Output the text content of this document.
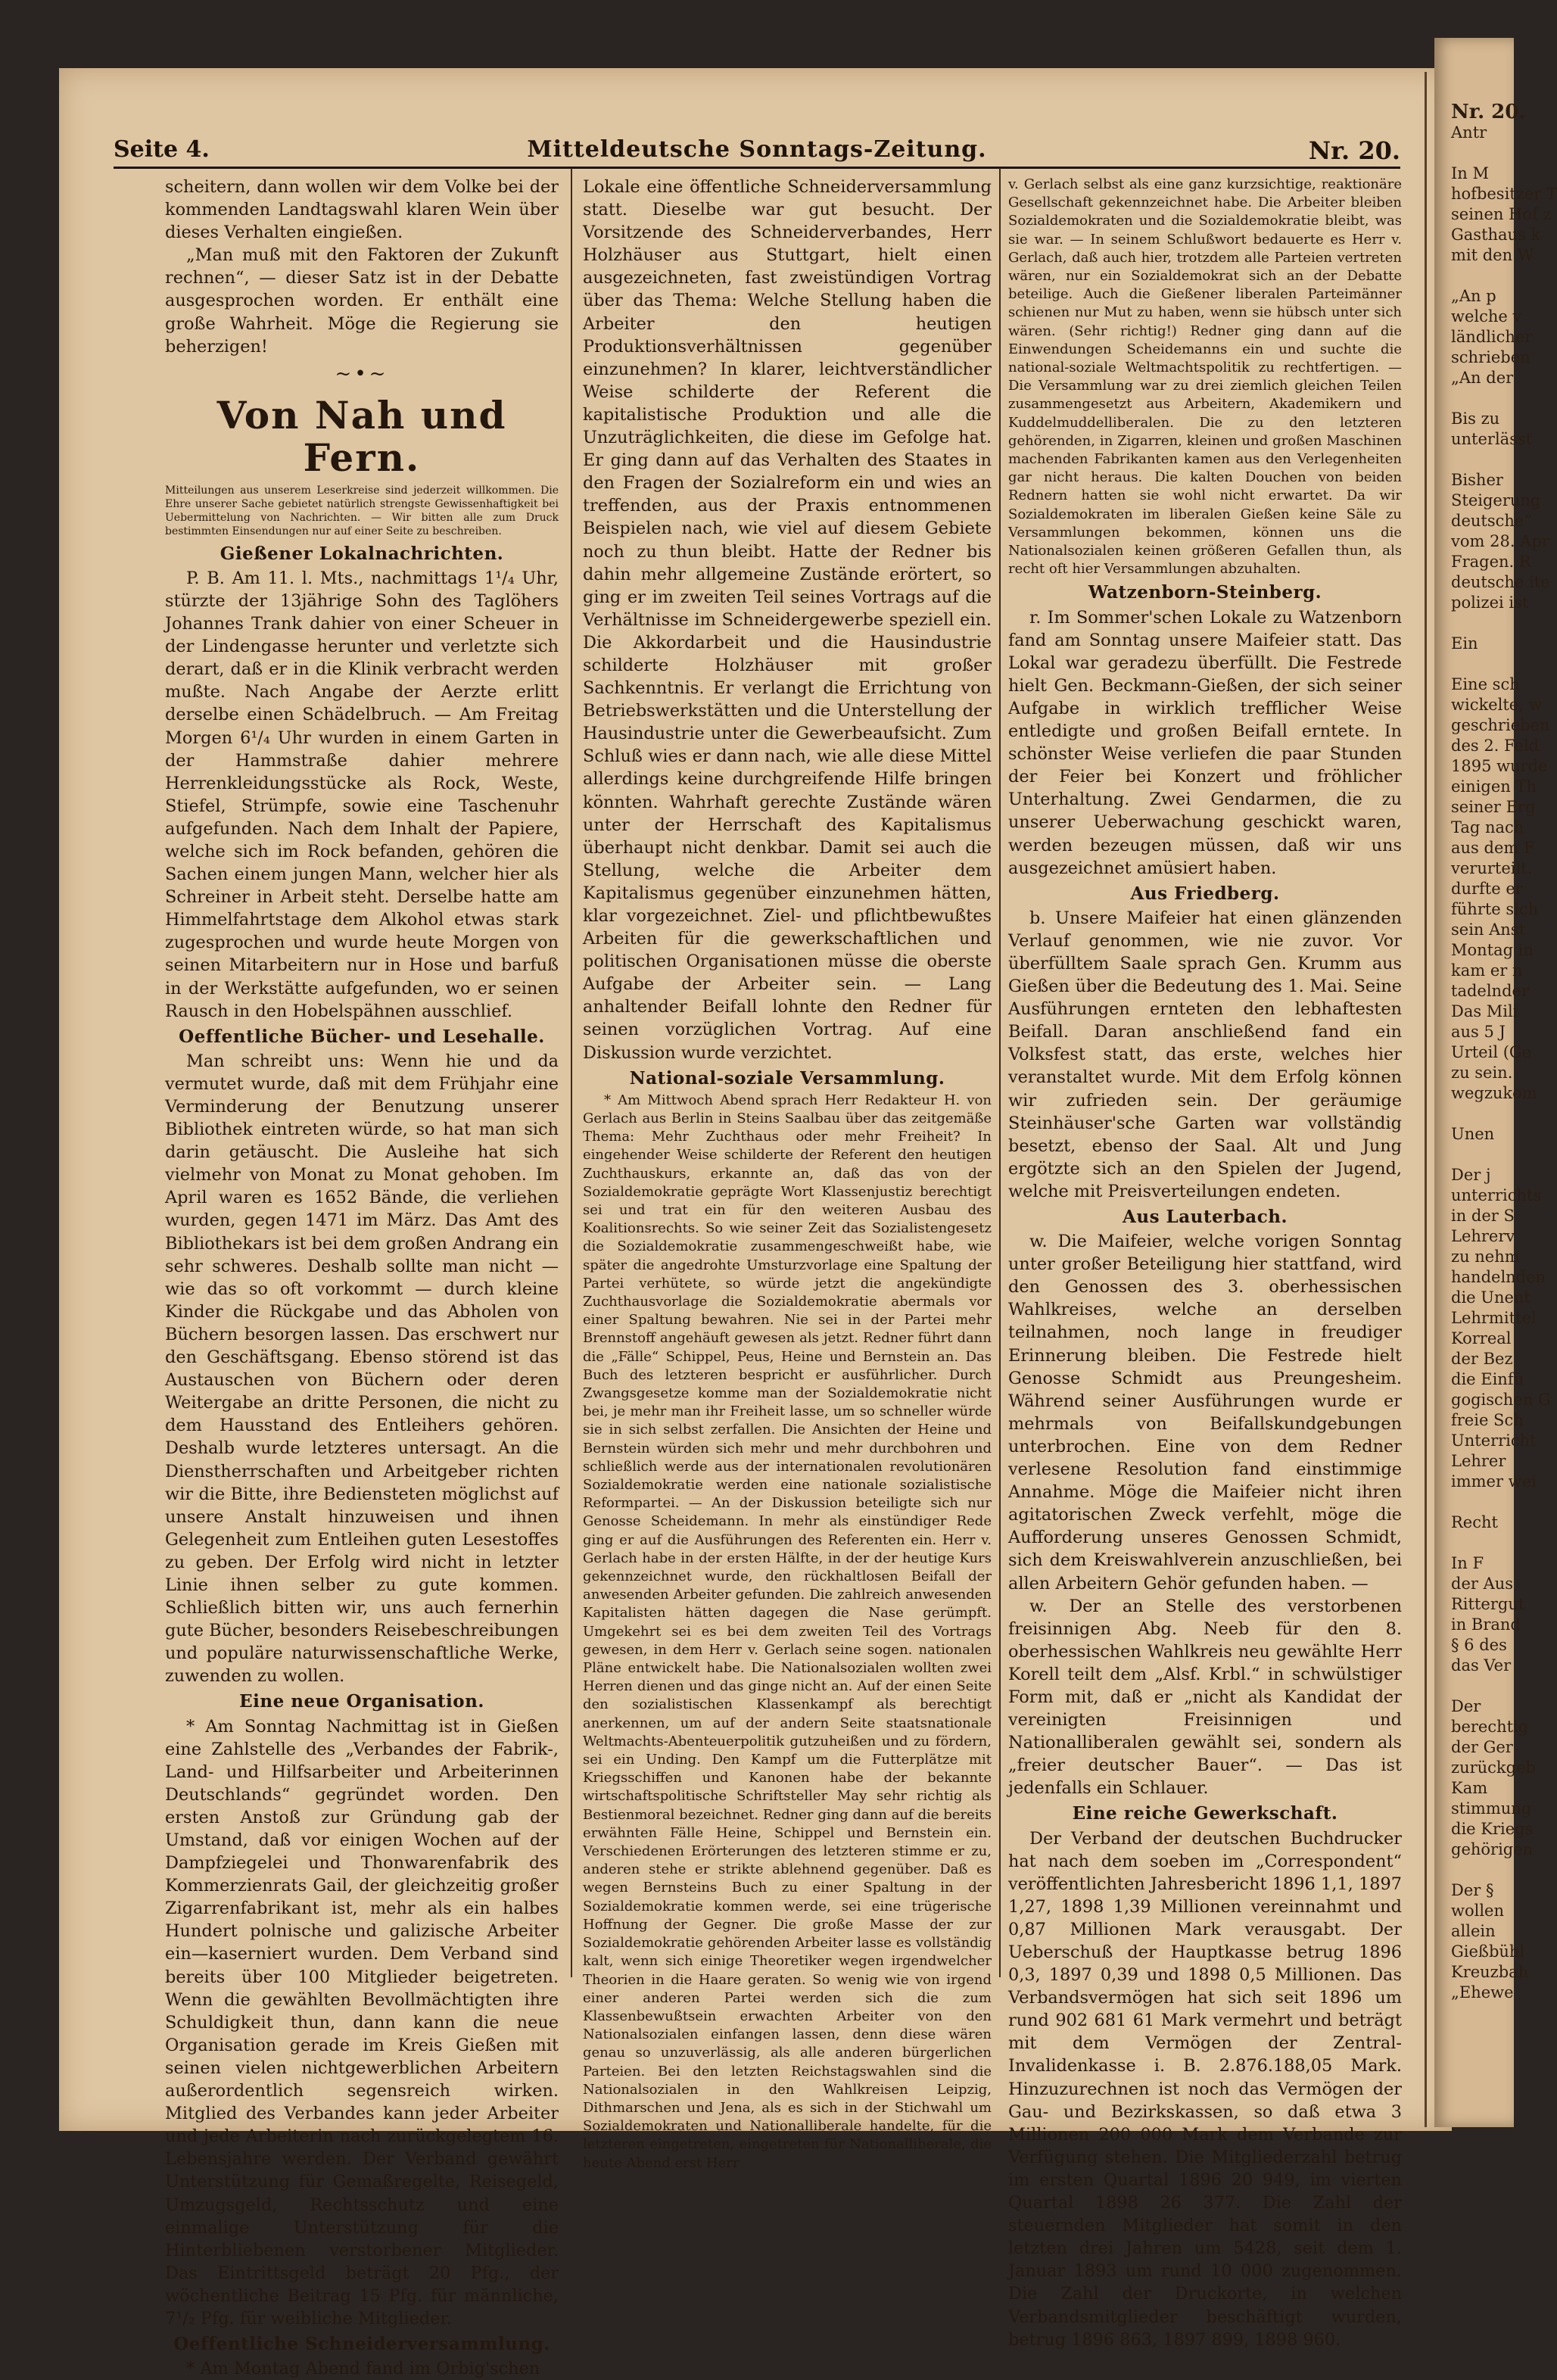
Nr. 20.
Antr

In M
hofbesitzer T
seinen Hof z
Gasthaus k
mit den W

„An p
welche v
ländlicher
schrieben
„An der

Bis zu
unterlässt

Bisher
Steigerung
deutsche“
vom 28. Apr
Fragen. R
deutsche ite
polizei ist

Ein

Eine sch
wickelte, w
geschrieben
des 2. Feld
1895 wurde
einigen Th
seiner Erg
Tag nach
aus dem F
verurteilt.
durfte er
führte sich
sein Anst
Montag in
kam er n
tadelnder
Das Mili
aus 5 J
Urteil (Ge
zu sein.
wegzukom

Unen

Der j
unterrichts
in der S
Lehrerv
zu nehm
handelnden
die Unent
Lehrmittel
Korreal
der Bez
die Einfü
gogischen G
freie Sch
Unterricht
Lehrer
immer wei

Recht

In F
der Aus
Rittergut
in Brand
§ 6 des
das Ver

Der
berechtig
der Ger
zurückgeb
Kam
stimmung
die Kriegs
gehörigen

Der §
wollen
allein
Gießbühl
Kreuzbah
„Ehewe
Seite 4.	Mitteldeutsche Sonntags-Zeitung.	Nr. 20.

scheitern, dann wollen wir dem Volke bei der kommenden Landtagswahl klaren Wein über dieses Verhalten eingießen.

„Man muß mit den Faktoren der Zukunft rechnen“, — dieser Satz ist in der Debatte ausgesprochen worden. Er enthält eine große Wahrheit. Möge die Regierung sie beherzigen!

~•~
Von Nah und Fern.

Mitteilungen aus unserem Leserkreise sind jederzeit willkommen. Die Ehre unserer Sache gebietet natürlich strengste Gewissenhaftigkeit bei Uebermittelung von Nachrichten. — Wir bitten alle zum Druck bestimmten Einsendungen nur auf einer Seite zu beschreiben.

Gießener Lokalnachrichten.

P. B. Am 11. l. Mts., nachmittags 1¹/₄ Uhr, stürzte der 13jährige Sohn des Taglöhers Johannes Trank dahier von einer Scheuer in der Lindengasse herunter und verletzte sich derart, daß er in die Klinik verbracht werden mußte. Nach Angabe der Aerzte erlitt derselbe einen Schädelbruch. — Am Freitag Morgen 6¹/₄ Uhr wurden in einem Garten in der Hammstraße dahier mehrere Herrenkleidungsstücke als Rock, Weste, Stiefel, Strümpfe, sowie eine Taschenuhr aufgefunden. Nach dem Inhalt der Papiere, welche sich im Rock befanden, gehören die Sachen einem jungen Mann, welcher hier als Schreiner in Arbeit steht. Derselbe hatte am Himmelfahrtstage dem Alkohol etwas stark zugesprochen und wurde heute Morgen von seinen Mitarbeitern nur in Hose und barfuß in der Werkstätte aufgefunden, wo er seinen Rausch in den Hobelspähnen ausschlief.

Oeffentliche Bücher- und Lesehalle.

Man schreibt uns: Wenn hie und da vermutet wurde, daß mit dem Frühjahr eine Verminderung der Benutzung unserer Bibliothek eintreten würde, so hat man sich darin getäuscht. Die Ausleihe hat sich vielmehr von Monat zu Monat gehoben. Im April waren es 1652 Bände, die verliehen wurden, gegen 1471 im März. Das Amt des Bibliothekars ist bei dem großen Andrang ein sehr schweres. Deshalb sollte man nicht — wie das so oft vorkommt — durch kleine Kinder die Rückgabe und das Abholen von Büchern besorgen lassen. Das erschwert nur den Geschäftsgang. Ebenso störend ist das Austauschen von Büchern oder deren Weitergabe an dritte Personen, die nicht zu dem Hausstand des Entleihers gehören. Deshalb wurde letzteres untersagt. An die Dienstherrschaften und Arbeitgeber richten wir die Bitte, ihre Bediensteten möglichst auf unsere Anstalt hinzuweisen und ihnen Gelegenheit zum Entleihen guten Lesestoffes zu geben. Der Erfolg wird nicht in letzter Linie ihnen selber zu gute kommen. Schließlich bitten wir, uns auch fernerhin gute Bücher, besonders Reisebeschreibungen und populäre naturwissenschaftliche Werke, zuwenden zu wollen.

Eine neue Organisation.

* Am Sonntag Nachmittag ist in Gießen eine Zahlstelle des „Verbandes der Fabrik-, Land- und Hilfsarbeiter und Arbeiterinnen Deutschlands“ gegründet worden. Den ersten Anstoß zur Gründung gab der Umstand, daß vor einigen Wochen auf der Dampfziegelei und Thonwarenfabrik des Kommerzienrats Gail, der gleichzeitig großer Zigarrenfabrikant ist, mehr als ein halbes Hundert polnische und galizische Arbeiter ein—kaserniert wurden. Dem Verband sind bereits über 100 Mitglieder beigetreten. Wenn die gewählten Bevollmächtigten ihre Schuldigkeit thun, dann kann die neue Organisation gerade im Kreis Gießen mit seinen vielen nichtgewerblichen Arbeitern außerordentlich segensreich wirken. Mitglied des Verbandes kann jeder Arbeiter und jede Arbeiterin nach zurückgelegtem 16. Lebensjahre werden. Der Verband gewährt Unterstützung für Gemaßregelte, Reisegeld, Umzugsgeld, Rechtsschutz und eine einmalige Unterstützung für die Hinterbliebenen verstorbener Mitglieder. Das Eintrittsgeld beträgt 20 Pfg., der wöchentliche Beitrag 15 Pfg. für männliche, 7¹/₂ Pfg. für weibliche Mitglieder.

Oeffentliche Schneiderversammlung.

* Am Montag Abend fand im Orbig'schen

Lokale eine öffentliche Schneiderversammlung statt. Dieselbe war gut besucht. Der Vorsitzende des Schneiderverbandes, Herr Holzhäuser aus Stuttgart, hielt einen ausgezeichneten, fast zweistündigen Vortrag über das Thema: Welche Stellung haben die Arbeiter den heutigen Produktionsverhältnissen gegenüber einzunehmen? In klarer, leichtverständlicher Weise schilderte der Referent die kapitalistische Produktion und alle die Unzuträglichkeiten, die diese im Gefolge hat. Er ging dann auf das Verhalten des Staates in den Fragen der Sozialreform ein und wies an treffenden, aus der Praxis entnommenen Beispielen nach, wie viel auf diesem Gebiete noch zu thun bleibt. Hatte der Redner bis dahin mehr allgemeine Zustände erörtert, so ging er im zweiten Teil seines Vortrags auf die Verhältnisse im Schneidergewerbe speziell ein. Die Akkordarbeit und die Hausindustrie schilderte Holzhäuser mit großer Sachkenntnis. Er verlangt die Errichtung von Betriebswerkstätten und die Unterstellung der Hausindustrie unter die Gewerbeaufsicht. Zum Schluß wies er dann nach, wie alle diese Mittel allerdings keine durchgreifende Hilfe bringen könnten. Wahrhaft gerechte Zustände wären unter der Herrschaft des Kapitalismus überhaupt nicht denkbar. Damit sei auch die Stellung, welche die Arbeiter dem Kapitalismus gegenüber einzunehmen hätten, klar vorgezeichnet. Ziel- und pflichtbewußtes Arbeiten für die gewerkschaftlichen und politischen Organisationen müsse die oberste Aufgabe der Arbeiter sein. — Lang anhaltender Beifall lohnte den Redner für seinen vorzüglichen Vortrag. Auf eine Diskussion wurde verzichtet.

National-soziale Versammlung.

* Am Mittwoch Abend sprach Herr Redakteur H. von Gerlach aus Berlin in Steins Saalbau über das zeitgemäße Thema: Mehr Zuchthaus oder mehr Freiheit? In eingehender Weise schilderte der Referent den heutigen Zuchthauskurs, erkannte an, daß das von der Sozialdemokratie geprägte Wort Klassenjustiz berechtigt sei und trat ein für den weiteren Ausbau des Koalitionsrechts. So wie seiner Zeit das Sozialistengesetz die Sozialdemokratie zusammengeschweißt habe, wie später die angedrohte Umsturzvorlage eine Spaltung der Partei verhütete, so würde jetzt die angekündigte Zuchthausvorlage die Sozialdemokratie abermals vor einer Spaltung bewahren. Nie sei in der Partei mehr Brennstoff angehäuft gewesen als jetzt. Redner führt dann die „Fälle“ Schippel, Peus, Heine und Bernstein an. Das Buch des letzteren bespricht er ausführlicher. Durch Zwangsgesetze komme man der Sozialdemokratie nicht bei, je mehr man ihr Freiheit lasse, um so schneller würde sie in sich selbst zerfallen. Die Ansichten der Heine und Bernstein würden sich mehr und mehr durchbohren und schließlich werde aus der internationalen revolutionären Sozialdemokratie werden eine nationale sozialistische Reformpartei. — An der Diskussion beteiligte sich nur Genosse Scheidemann. In mehr als einstündiger Rede ging er auf die Ausführungen des Referenten ein. Herr v. Gerlach habe in der ersten Hälfte, in der der heutige Kurs gekennzeichnet wurde, den rückhaltlosen Beifall der anwesenden Arbeiter gefunden. Die zahlreich anwesenden Kapitalisten hätten dagegen die Nase gerümpft. Umgekehrt sei es bei dem zweiten Teil des Vortrags gewesen, in dem Herr v. Gerlach seine sogen. nationalen Pläne entwickelt habe. Die Nationalsozialen wollten zwei Herren dienen und das ginge nicht an. Auf der einen Seite den sozialistischen Klassenkampf als berechtigt anerkennen, um auf der andern Seite staatsnationale Weltmachts-Abenteuerpolitik gutzuheißen und zu fördern, sei ein Unding. Den Kampf um die Futterplätze mit Kriegsschiffen und Kanonen habe der bekannte wirtschaftspolitische Schriftsteller May sehr richtig als Bestienmoral bezeichnet. Redner ging dann auf die bereits erwähnten Fälle Heine, Schippel und Bernstein ein. Verschiedenen Erörterungen des letzteren stimme er zu, anderen stehe er strikte ablehnend gegenüber. Daß es wegen Bernsteins Buch zu einer Spaltung in der Sozialdemokratie kommen werde, sei eine trügerische Hoffnung der Gegner. Die große Masse der zur Sozialdemokratie gehörenden Arbeiter lasse es vollständig kalt, wenn sich einige Theoretiker wegen irgendwelcher Theorien in die Haare geraten. So wenig wie von irgend einer anderen Partei werden sich die zum Klassenbewußtsein erwachten Arbeiter von den Nationalsozialen einfangen lassen, denn diese wären genau so unzuverlässig, als alle anderen bürgerlichen Parteien. Bei den letzten Reichstagswahlen sind die Nationalsozialen in den Wahlkreisen Leipzig, Dithmarschen und Jena, als es sich in der Stichwahl um Sozialdemokraten und Nationalliberale handelte, für die letzteren eingetreten, eingetreten für Nationalliberale, die heute Abend erst Herr

v. Gerlach selbst als eine ganz kurzsichtige, reaktionäre Gesellschaft gekennzeichnet habe. Die Arbeiter bleiben Sozialdemokraten und die Sozialdemokratie bleibt, was sie war. — In seinem Schlußwort bedauerte es Herr v. Gerlach, daß auch hier, trotzdem alle Parteien vertreten wären, nur ein Sozialdemokrat sich an der Debatte beteilige. Auch die Gießener liberalen Parteimänner schienen nur Mut zu haben, wenn sie hübsch unter sich wären. (Sehr richtig!) Redner ging dann auf die Einwendungen Scheidemanns ein und suchte die national-soziale Weltmachtspolitik zu rechtfertigen. — Die Versammlung war zu drei ziemlich gleichen Teilen zusammengesetzt aus Arbeitern, Akademikern und Kuddelmuddelliberalen. Die zu den letzteren gehörenden, in Zigarren, kleinen und großen Maschinen machenden Fabrikanten kamen aus den Verlegenheiten gar nicht heraus. Die kalten Douchen von beiden Rednern hatten sie wohl nicht erwartet. Da wir Sozialdemokraten im liberalen Gießen keine Säle zu Versammlungen bekommen, können uns die Nationalsozialen keinen größeren Gefallen thun, als recht oft hier Versammlungen abzuhalten.

Watzenborn-Steinberg.

r. Im Sommer'schen Lokale zu Watzenborn fand am Sonntag unsere Maifeier statt. Das Lokal war geradezu überfüllt. Die Festrede hielt Gen. Beckmann-Gießen, der sich seiner Aufgabe in wirklich trefflicher Weise entledigte und großen Beifall erntete. In schönster Weise verliefen die paar Stunden der Feier bei Konzert und fröhlicher Unterhaltung. Zwei Gendarmen, die zu unserer Ueberwachung geschickt waren, werden bezeugen müssen, daß wir uns ausgezeichnet amüsiert haben.

Aus Friedberg.

b. Unsere Maifeier hat einen glänzenden Verlauf genommen, wie nie zuvor. Vor überfülltem Saale sprach Gen. Krumm aus Gießen über die Bedeutung des 1. Mai. Seine Ausführungen ernteten den lebhaftesten Beifall. Daran anschließend fand ein Volksfest statt, das erste, welches hier veranstaltet wurde. Mit dem Erfolg können wir zufrieden sein. Der geräumige Steinhäuser'sche Garten war vollständig besetzt, ebenso der Saal. Alt und Jung ergötzte sich an den Spielen der Jugend, welche mit Preisverteilungen endeten.

Aus Lauterbach.

w. Die Maifeier, welche vorigen Sonntag unter großer Beteiligung hier stattfand, wird den Genossen des 3. oberhessischen Wahlkreises, welche an derselben teilnahmen, noch lange in freudiger Erinnerung bleiben. Die Festrede hielt Genosse Schmidt aus Preungesheim. Während seiner Ausführungen wurde er mehrmals von Beifallskundgebungen unterbrochen. Eine von dem Redner verlesene Resolution fand einstimmige Annahme. Möge die Maifeier nicht ihren agitatorischen Zweck verfehlt, möge die Aufforderung unseres Genossen Schmidt, sich dem Kreiswahlverein anzuschließen, bei allen Arbeitern Gehör gefunden haben. —

w. Der an Stelle des verstorbenen freisinnigen Abg. Neeb für den 8. oberhessischen Wahlkreis neu gewählte Herr Korell teilt dem „Alsf. Krbl.“ in schwülstiger Form mit, daß er „nicht als Kandidat der vereinigten Freisinnigen und Nationalliberalen gewählt sei, sondern als „freier deutscher Bauer“. — Das ist jedenfalls ein Schlauer.

Eine reiche Gewerkschaft.

Der Verband der deutschen Buchdrucker hat nach dem soeben im „Correspondent“ veröffentlichten Jahresbericht 1896 1,1, 1897 1,27, 1898 1,39 Millionen vereinnahmt und 0,87 Millionen Mark verausgabt. Der Ueberschuß der Hauptkasse betrug 1896 0,3, 1897 0,39 und 1898 0,5 Millionen. Das Verbandsvermögen hat sich seit 1896 um rund 902 681 61 Mark vermehrt und beträgt mit dem Vermögen der Zentral-Invalidenkasse i. B. 2.876.188,05 Mark. Hinzuzurechnen ist noch das Vermögen der Gau- und Bezirkskassen, so daß etwa 3 Millionen 200 000 Mark dem Verbande zur Verfügung stehen. Die Mitgliederzahl betrug im ersten Quartal 1896 20 949, im vierten Quartal 1898 26 377. Die Zahl der steuernden Mitglieder hat somit in den letzten drei Jahren um 5428, seit dem 1. Januar 1893 um rund 10 000 zugenommen. Die Zahl der Druckorte, in welchen Verbandsmitglieder beschäftigt wurden, betrug 1896 863, 1897 899, 1898 960.
